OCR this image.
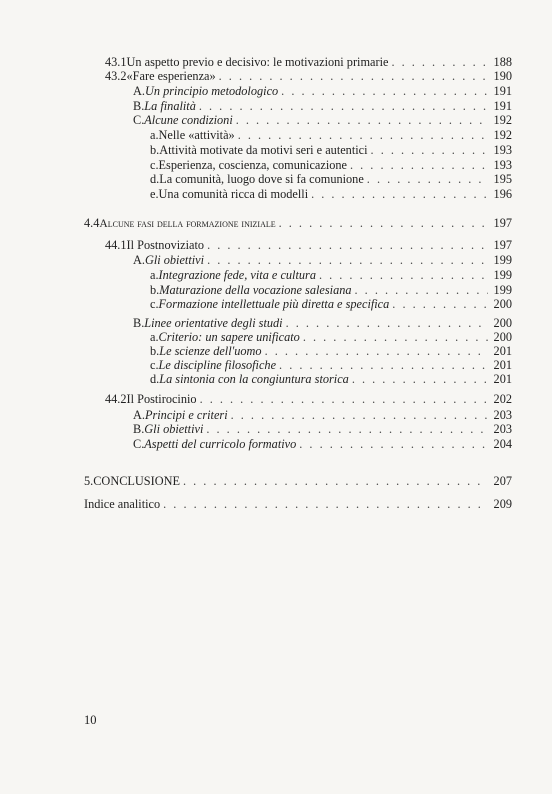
43.1 Un aspetto previo e decisivo: le motivazioni primarie . . .	188
43.2 «Fare esperienza» . . .	190
A. Un principio metodologico . . .	191
B. La finalità . . .	191
C. Alcune condizioni . . .	192
a. Nelle «attività» . . .	192
b. Attività motivate da motivi seri e autentici . . .	193
c. Esperienza, coscienza, comunicazione . . .	193
d. La comunità, luogo dove si fa comunione . . .	195
e. Una comunità ricca di modelli . . .	196
4.4 Alcune fasi della formazione iniziale . . .	197
44.1 Il Postnoviziato . . .	197
A. Gli obiettivi . . .	199
a. Integrazione fede, vita e cultura . . .	199
b. Maturazione della vocazione salesiana . . .	199
c. Formazione intellettuale più diretta e specifica . . .	200
B. Linee orientative degli studi . . .	200
a. Criterio: un sapere unificato . . .	200
b. Le scienze dell'uomo . . .	201
c. Le discipline filosofiche . . .	201
d. La sintonia con la congiuntura storica . . .	201
44.2 Il Postirocinio . . .	202
A. Principi e criteri . . .	203
B. Gli obiettivi . . .	203
C. Aspetti del curricolo formativo . . .	204
5. CONCLUSIONE . . .	207
Indice analitico . . .	209
10
